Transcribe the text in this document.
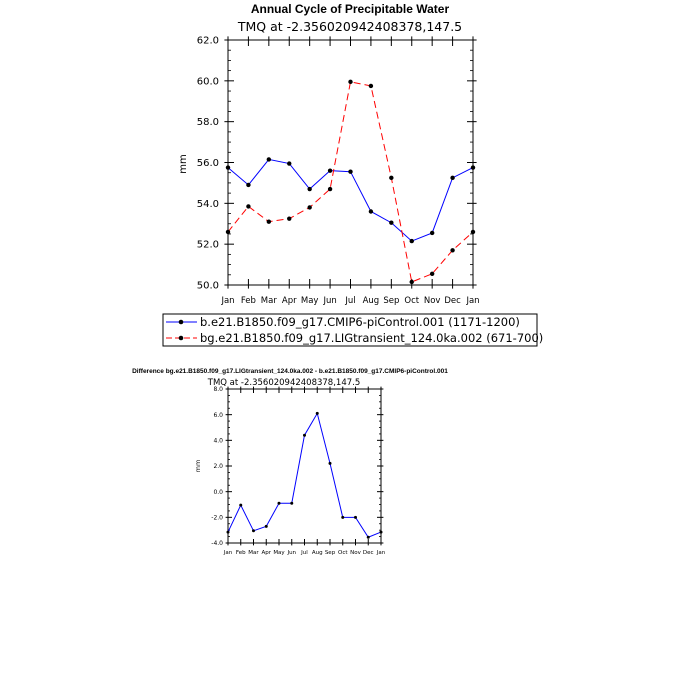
Annual Cycle of Precipitable Water
TMQ at -2.356020942408378,147.5
mm
50.0
52.0
54.0
56.0
58.0
60.0
62.0
Jan Feb Mar Apr May Jun Jul Aug Sep Oct Nov Dec Jan
b.e21.B1850.f09_g17.CMIP6-piControl.001 (1171-1200)
bg.e21.B1850.f09_g17.LIGtransient_124.0ka.002 (671-700)
Difference bg.e21.B1850.f09_g17.LIGtransient_124.0ka.002 - b.e21.B1850.f09_g17.CMIP6-piControl.001
TMQ at -2.356020942408378,147.5
mm
-4.0
-2.0
0.0
2.0
4.0
6.0
8.0
Jan Feb Mar Apr May Jun Jul Aug Sep Oct Nov Dec Jan
